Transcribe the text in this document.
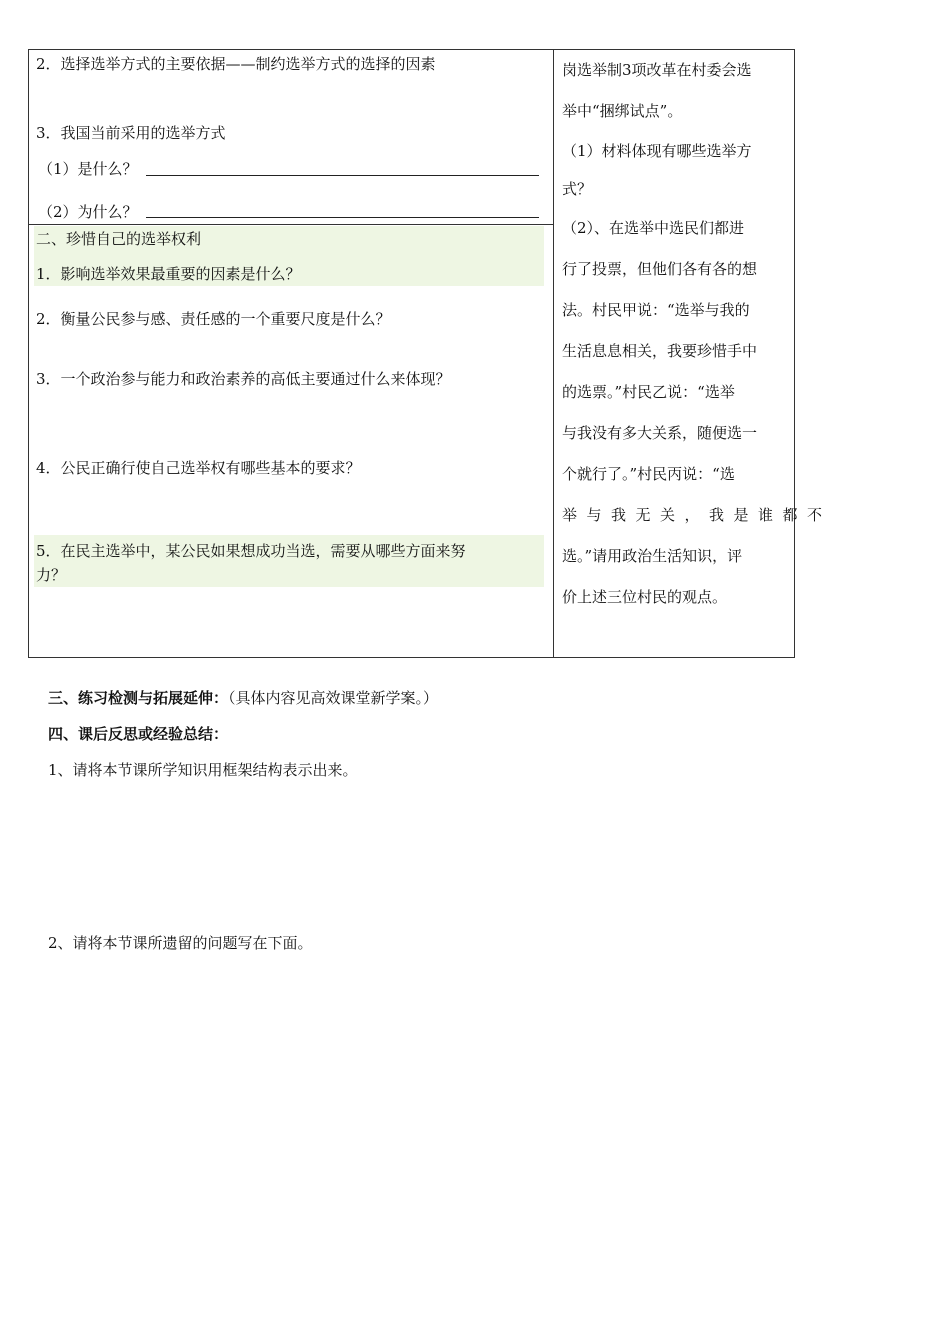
2．选择选举方式的主要依据——制约选举方式的选择的因素
3．我国当前采用的选举方式
（1）是什么？
（2）为什么？
二、珍惜自己的选举权利
1．影响选举效果最重要的因素是什么？
2．衡量公民参与感、责任感的一个重要尺度是什么？
3．一个政治参与能力和政治素养的高低主要通过什么来体现？
4．公民正确行使自己选举权有哪些基本的要求？
5．在民主选举中，某公民如果想成功当选，需要从哪些方面来努
力？
岗选举制3项改革在村委会选
举中“捆绑试点”。
（1）材料体现有哪些选举方
式？
（2）、在选举中选民们都进
行了投票，但他们各有各的想
法。村民甲说：“选举与我的
生活息息相关，我要珍惜手中
的选票。”村民乙说：“选举
与我没有多大关系，随便选一
个就行了。”村民丙说：“选
举与我无关，我是谁都不
选。”请用政治生活知识，评
价上述三位村民的观点。
三、练习检测与拓展延伸：（具体内容见高效课堂新学案。）
四、课后反思或经验总结：
1、请将本节课所学知识用框架结构表示出来。
2、请将本节课所遗留的问题写在下面。
